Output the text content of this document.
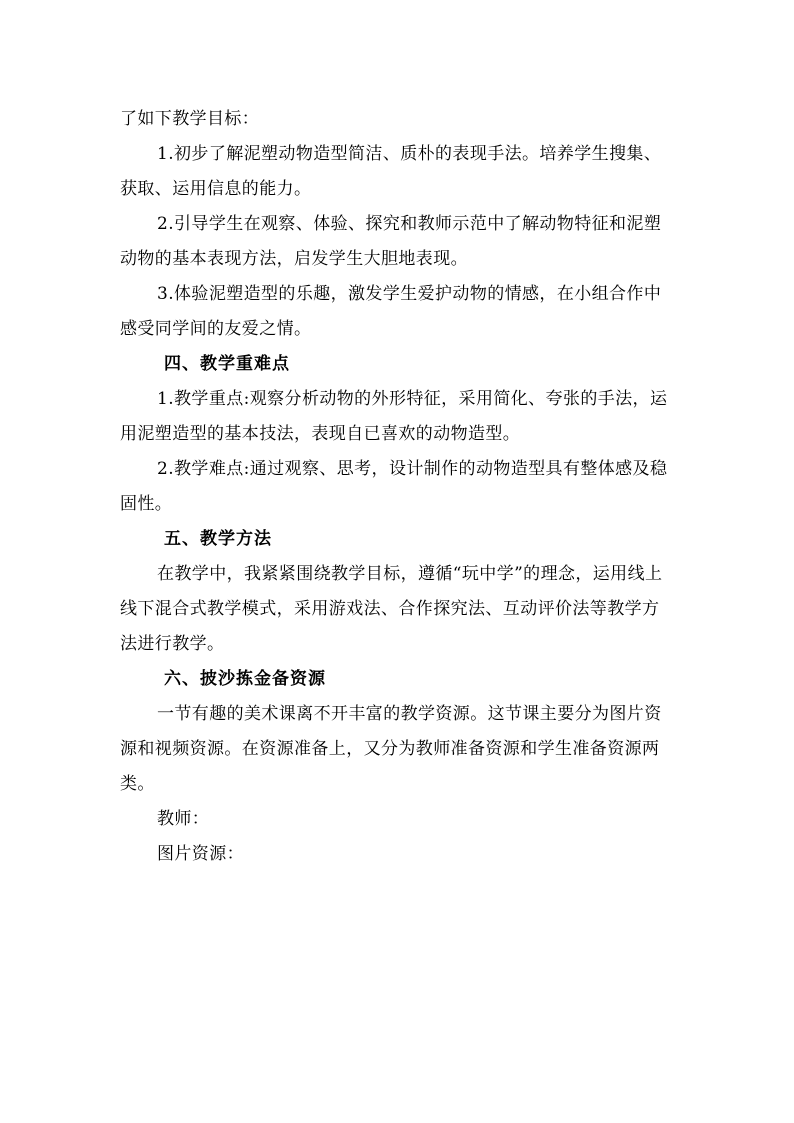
了如下教学目标：

1.初步了解泥塑动物造型简洁、质朴的表现手法。培养学生搜集、获取、运用信息的能力。

2.引导学生在观察、体验、探究和教师示范中了解动物特征和泥塑动物的基本表现方法，启发学生大胆地表现。

3.体验泥塑造型的乐趣，激发学生爱护动物的情感，在小组合作中感受同学间的友爱之情。

四、教学重难点

1.教学重点:观察分析动物的外形特征，采用简化、夸张的手法，运用泥塑造型的基本技法，表现自已喜欢的动物造型。

2.教学难点:通过观察、思考，设计制作的动物造型具有整体感及稳固性。

五、教学方法

在教学中，我紧紧围绕教学目标，遵循“玩中学”的理念，运用线上线下混合式教学模式，采用游戏法、合作探究法、互动评价法等教学方法进行教学。

六、披沙拣金备资源

一节有趣的美术课离不开丰富的教学资源。这节课主要分为图片资源和视频资源。在资源准备上，又分为教师准备资源和学生准备资源两类。

教师：

图片资源：
